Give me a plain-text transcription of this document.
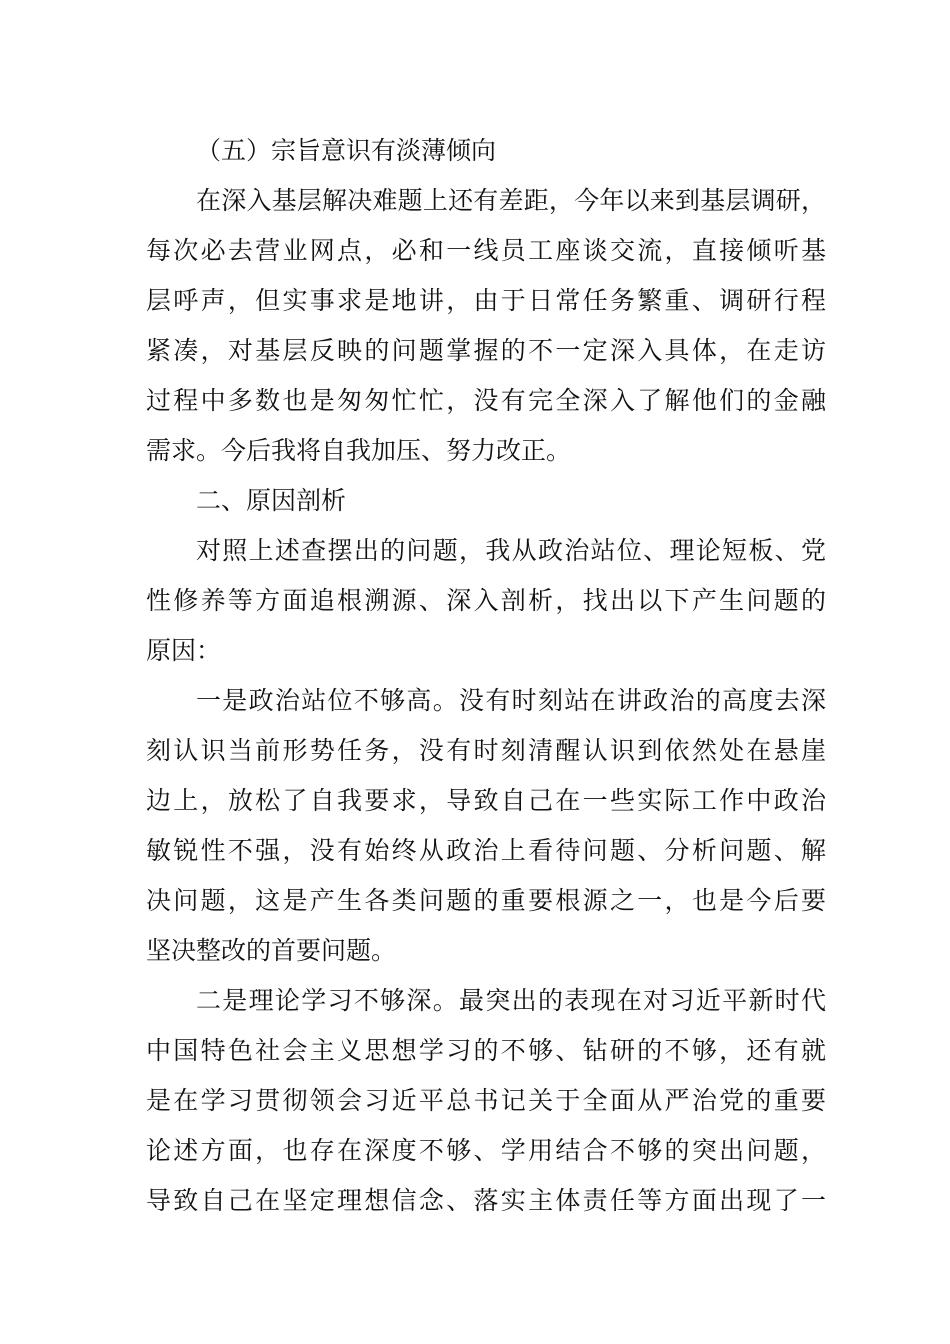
（五）宗旨意识有淡薄倾向
在深入基层解决难题上还有差距，今年以来到基层调研，
每次必去营业网点，必和一线员工座谈交流，直接倾听基
层呼声，但实事求是地讲，由于日常任务繁重、调研行程
紧凑，对基层反映的问题掌握的不一定深入具体，在走访
过程中多数也是匆匆忙忙，没有完全深入了解他们的金融
需求。今后我将自我加压、努力改正。
二、原因剖析
对照上述查摆出的问题，我从政治站位、理论短板、党
性修养等方面追根溯源、深入剖析，找出以下产生问题的
原因：
一是政治站位不够高。没有时刻站在讲政治的高度去深
刻认识当前形势任务，没有时刻清醒认识到依然处在悬崖
边上，放松了自我要求，导致自己在一些实际工作中政治
敏锐性不强，没有始终从政治上看待问题、分析问题、解
决问题，这是产生各类问题的重要根源之一，也是今后要
坚决整改的首要问题。
二是理论学习不够深。最突出的表现在对习近平新时代
中国特色社会主义思想学习的不够、钻研的不够，还有就
是在学习贯彻领会习近平总书记关于全面从严治党的重要
论述方面，也存在深度不够、学用结合不够的突出问题，
导致自己在坚定理想信念、落实主体责任等方面出现了一
